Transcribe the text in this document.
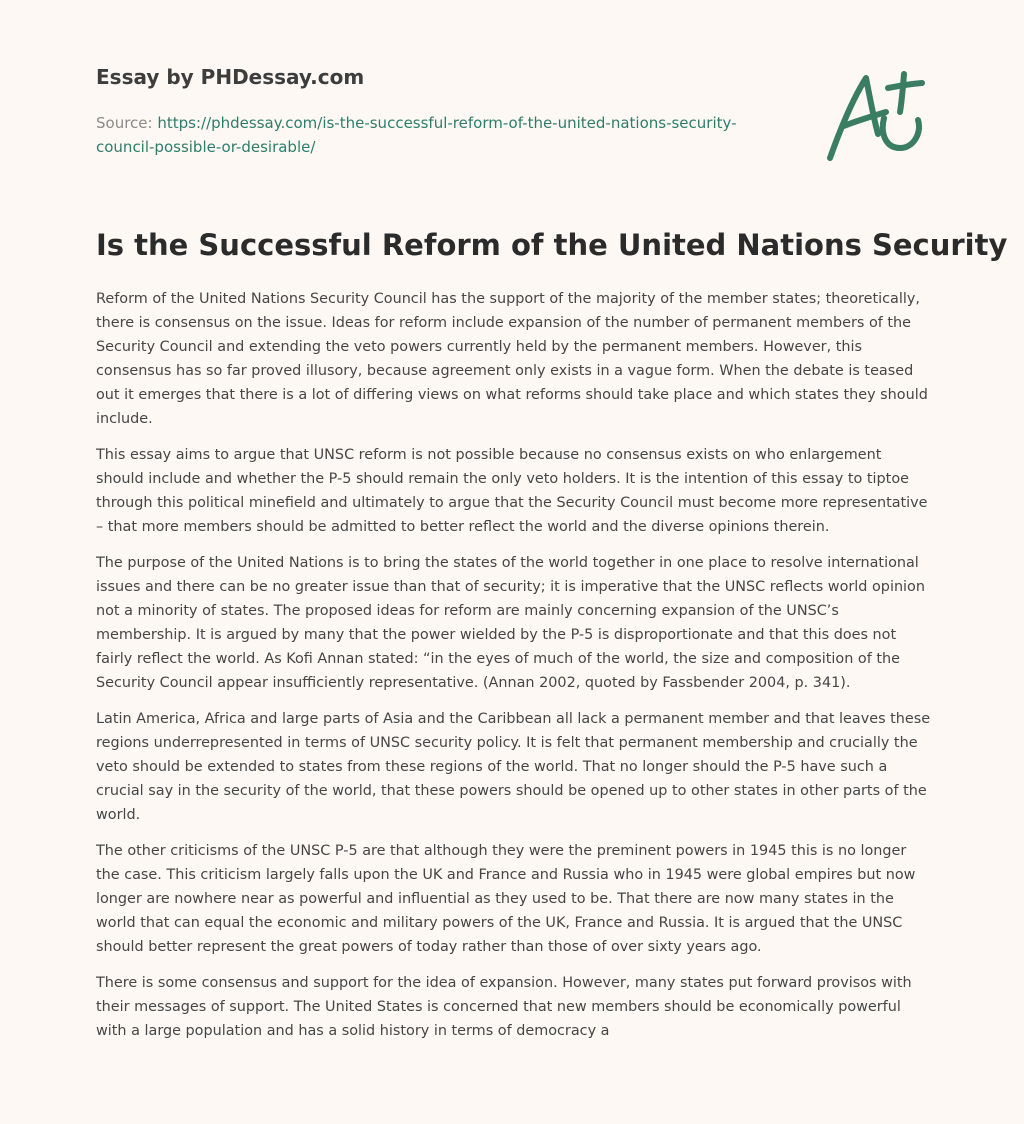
Essay by PHDessay.com
Source: https://phdessay.com/is-the-successful-reform-of-the-united-nations-security-council-possible-or-desirable/
A+
Is the Successful Reform of the United Nations Security

Reform of the United Nations Security Council has the support of the majority of the member states; theoretically, there is consensus on the issue. Ideas for reform include expansion of the number of permanent members of the Security Council and extending the veto powers currently held by the permanent members. However, this consensus has so far proved illusory, because agreement only exists in a vague form. When the debate is teased out it emerges that there is a lot of differing views on what reforms should take place and which states they should include.

This essay aims to argue that UNSC reform is not possible because no consensus exists on who enlargement should include and whether the P-5 should remain the only veto holders. It is the intention of this essay to tiptoe through this political minefield and ultimately to argue that the Security Council must become more representative – that more members should be admitted to better reflect the world and the diverse opinions therein.

The purpose of the United Nations is to bring the states of the world together in one place to resolve international issues and there can be no greater issue than that of security; it is imperative that the UNSC reflects world opinion not a minority of states. The proposed ideas for reform are mainly concerning expansion of the UNSC’s membership. It is argued by many that the power wielded by the P-5 is disproportionate and that this does not fairly reflect the world. As Kofi Annan stated: “in the eyes of much of the world, the size and composition of the Security Council appear insufficiently representative. (Annan 2002, quoted by Fassbender 2004, p. 341).

Latin America, Africa and large parts of Asia and the Caribbean all lack a permanent member and that leaves these regions underrepresented in terms of UNSC security policy. It is felt that permanent membership and crucially the veto should be extended to states from these regions of the world. That no longer should the P-5 have such a crucial say in the security of the world, that these powers should be opened up to other states in other parts of the world.

The other criticisms of the UNSC P-5 are that although they were the preminent powers in 1945 this is no longer the case. This criticism largely falls upon the UK and France and Russia who in 1945 were global empires but now longer are nowhere near as powerful and influential as they used to be. That there are now many states in the world that can equal the economic and military powers of the UK, France and Russia. It is argued that the UNSC should better represent the great powers of today rather than those of over sixty years ago.

There is some consensus and support for the idea of expansion. However, many states put forward provisos with their messages of support. The United States is concerned that new members should be economically powerful with a large population and has a solid history in terms of democracy a
